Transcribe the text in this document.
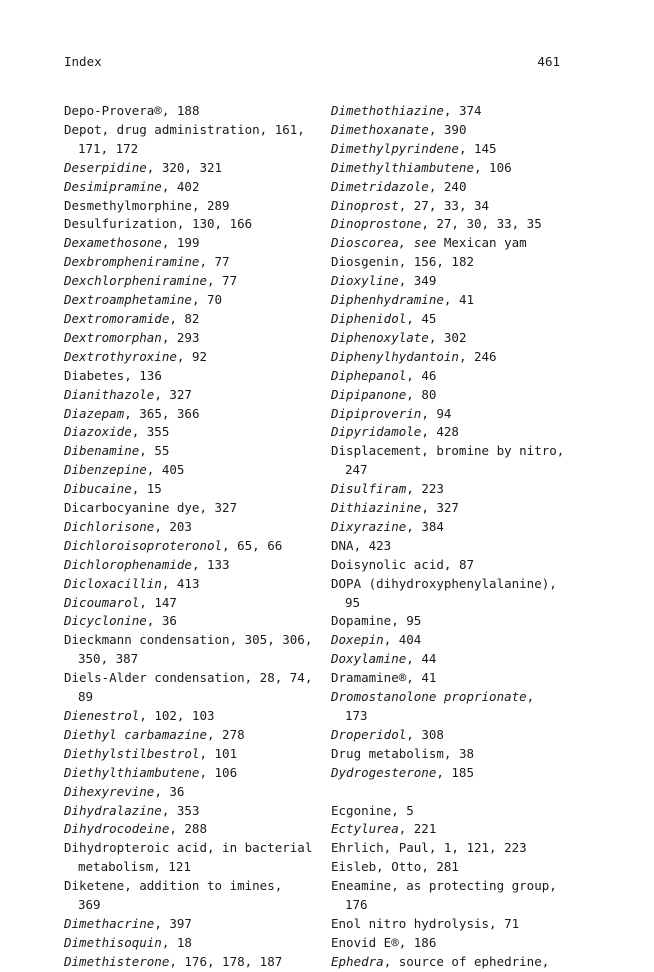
Index	461
Depo-Provera®, 188
Depot, drug administration, 161,
171, 172
Deserpidine, 320, 321
Desimipramine, 402
Desmethylmorphine, 289
Desulfurization, 130, 166
Dexamethosone, 199
Dexbrompheniramine, 77
Dexchlorpheniramine, 77
Dextroamphetamine, 70
Dextromoramide, 82
Dextromorphan, 293
Dextrothyroxine, 92
Diabetes, 136
Dianithazole, 327
Diazepam, 365, 366
Diazoxide, 355
Dibenamine, 55
Dibenzepine, 405
Dibucaine, 15
Dicarbocyanine dye, 327
Dichlorisone, 203
Dichloroisoproteronol, 65, 66
Dichlorophenamide, 133
Dicloxacillin, 413
Dicoumarol, 147
Dicyclonine, 36
Dieckmann condensation, 305, 306,
350, 387
Diels-Alder condensation, 28, 74,
89
Dienestrol, 102, 103
Diethyl carbamazine, 278
Diethylstilbestrol, 101
Diethylthiambutene, 106
Dihexyrevine, 36
Dihydralazine, 353
Dihydrocodeine, 288
Dihydropteroic acid, in bacterial
metabolism, 121
Diketene, addition to imines,
369
Dimethacrine, 397
Dimethisoquin, 18
Dimethisterone, 176, 178, 187
Dimethothiazine, 374
Dimethoxanate, 390
Dimethylpyrindene, 145
Dimethylthiambutene, 106
Dimetridazole, 240
Dinoprost, 27, 33, 34
Dinoprostone, 27, 30, 33, 35
Dioscorea, see Mexican yam
Diosgenin, 156, 182
Dioxyline, 349
Diphenhydramine, 41
Diphenidol, 45
Diphenoxylate, 302
Diphenylhydantoin, 246
Diphepanol, 46
Dipipanone, 80
Dipiproverin, 94
Dipyridamole, 428
Displacement, bromine by nitro,
247
Disulfiram, 223
Dithiazinine, 327
Dixyrazine, 384
DNA, 423
Doisynolic acid, 87
DOPA (dihydroxyphenylalanine),
95
Dopamine, 95
Doxepin, 404
Doxylamine, 44
Dramamine®, 41
Dromostanolone proprionate,
173
Droperidol, 308
Drug metabolism, 38
Dydrogesterone, 185
Ecgonine, 5
Ectylurea, 221
Ehrlich, Paul, 1, 121, 223
Eisleb, Otto, 281
Eneamine, as protecting group,
176
Enol nitro hydrolysis, 71
Enovid E®, 186
Ephedra, source of ephedrine,
